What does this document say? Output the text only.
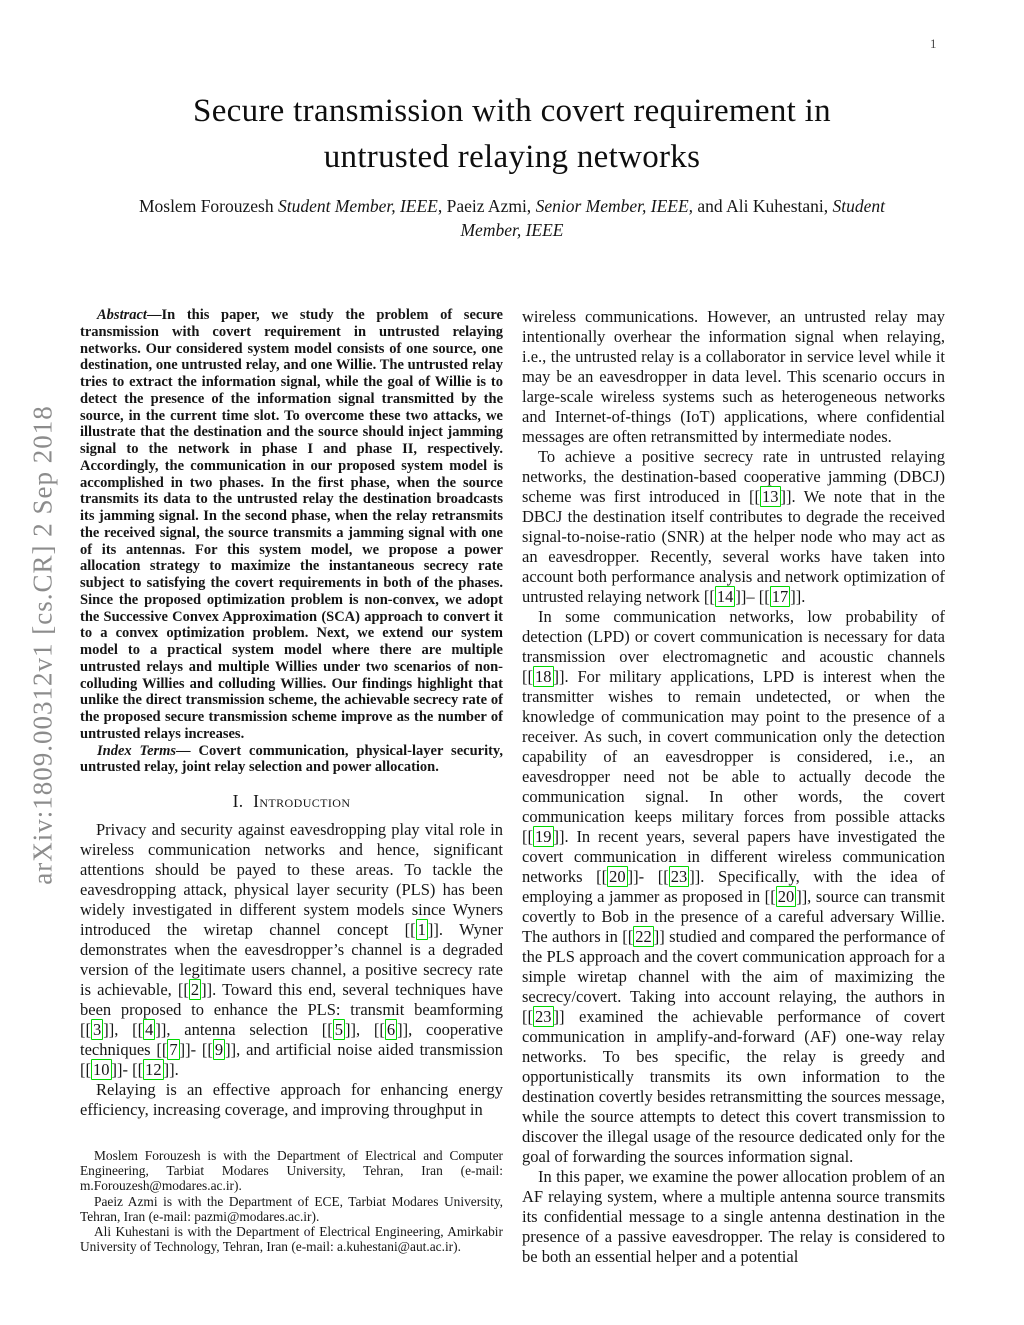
1
arXiv:1809.00312v1 [cs.CR] 2 Sep 2018
Secure transmission with covert requirement in
untrusted relaying networks
Moslem Forouzesh Student Member, IEEE, Paeiz Azmi, Senior Member, IEEE, and Ali Kuhestani, Student
Member, IEEE

Abstract—In this paper, we study the problem of secure transmission with covert requirement in untrusted relaying networks. Our considered system model consists of one source, one destination, one untrusted relay, and one Willie. The untrusted relay tries to extract the information signal, while the goal of Willie is to detect the presence of the information signal transmitted by the source, in the current time slot. To overcome these two attacks, we illustrate that the destination and the source should inject jamming signal to the network in phase I and phase II, respectively. Accordingly, the communication in our proposed system model is accomplished in two phases. In the first phase, when the source transmits its data to the untrusted relay the destination broadcasts its jamming signal. In the second phase, when the relay retransmits the received signal, the source transmits a jamming signal with one of its antennas. For this system model, we propose a power allocation strategy to maximize the instantaneous secrecy rate subject to satisfying the covert requirements in both of the phases. Since the proposed optimization problem is non-convex, we adopt the Successive Convex Approximation (SCA) approach to convert it to a convex optimization problem. Next, we extend our system model to a practical system model where there are multiple untrusted relays and multiple Willies under two scenarios of non-colluding Willies and colluding Willies. Our findings highlight that unlike the direct transmission scheme, the achievable secrecy rate of the proposed secure transmission scheme improve as the number of untrusted relays increases.

Index Terms— Covert communication, physical-layer security, untrusted relay, joint relay selection and power allocation.

I.  Introduction

Privacy and security against eavesdropping play vital role in wireless communication networks and hence, significant attentions should be payed to these areas. To tackle the eavesdropping attack, physical layer security (PLS) has been widely investigated in different system models since Wyners introduced the wiretap channel concept [[ 1 ]]. Wyner demonstrates when the eavesdropper’s channel is a degraded version of the legitimate users channel, a positive secrecy rate is achievable, [[ 2 ]]. Toward this end, several techniques have been proposed to enhance the PLS: transmit beamforming [[ 3 ]], [[ 4 ]], antenna selection [[ 5 ]], [[ 6 ]], cooperative techniques [[ 7 ]]- [[ 9 ]], and artificial noise aided transmission [[ 10 ]]- [[ 12 ]].

Relaying is an effective approach for enhancing energy efficiency, increasing coverage, and improving throughput in

Moslem Forouzesh is with the Department of Electrical and Computer Engineering, Tarbiat Modares University, Tehran, Iran (e-mail: m.Forouzesh@modares.ac.ir).

Paeiz Azmi is with the Department of ECE, Tarbiat Modares University, Tehran, Iran (e-mail: pazmi@modares.ac.ir).

Ali Kuhestani is with the Department of Electrical Engineering, Amirkabir University of Technology, Tehran, Iran (e-mail: a.kuhestani@aut.ac.ir).

wireless communications. However, an untrusted relay may intentionally overhear the information signal when relaying, i.e., the untrusted relay is a collaborator in service level while it may be an eavesdropper in data level. This scenario occurs in large-scale wireless systems such as heterogeneous networks and Internet-of-things (IoT) applications, where confidential messages are often retransmitted by intermediate nodes.

To achieve a positive secrecy rate in untrusted relaying networks, the destination-based cooperative jamming (DBCJ) scheme was first introduced in [[ 13 ]]. We note that in the DBCJ the destination itself contributes to degrade the received signal-to-noise-ratio (SNR) at the helper node who may act as an eavesdropper. Recently, several works have taken into account both performance analysis and network optimization of untrusted relaying network [[ 14 ]]– [[ 17 ]].

In some communication networks, low probability of detection (LPD) or covert communication is necessary for data transmission over electromagnetic and acoustic channels [[ 18 ]]. For military applications, LPD is interest when the transmitter wishes to remain undetected, or when the knowledge of communication may point to the presence of a receiver. As such, in covert communication only the detection capability of an eavesdropper is considered, i.e., an eavesdropper need not be able to actually decode the communication signal. In other words, the covert communication keeps military forces from possible attacks [[ 19 ]]. In recent years, several papers have investigated the covert communication in different wireless communication networks [[ 20 ]]- [[ 23 ]]. Specifically, with the idea of employing a jammer as proposed in [[ 20 ]], source can transmit covertly to Bob in the presence of a careful adversary Willie. The authors in [[ 22 ]] studied and compared the performance of the PLS approach and the covert communication approach for a simple wiretap channel with the aim of maximizing the secrecy/covert. Taking into account relaying, the authors in [[ 23 ]] examined the achievable performance of covert communication in amplify-and-forward (AF) one-way relay networks. To bes specific, the relay is greedy and opportunistically transmits its own information to the destination covertly besides retransmitting the sources message, while the source attempts to detect this covert transmission to discover the illegal usage of the resource dedicated only for the goal of forwarding the sources information signal.

In this paper, we examine the power allocation problem of an AF relaying system, where a multiple antenna source transmits its confidential message to a single antenna destination in the presence of a passive eavesdropper. The relay is considered to be both an essential helper and a potential
